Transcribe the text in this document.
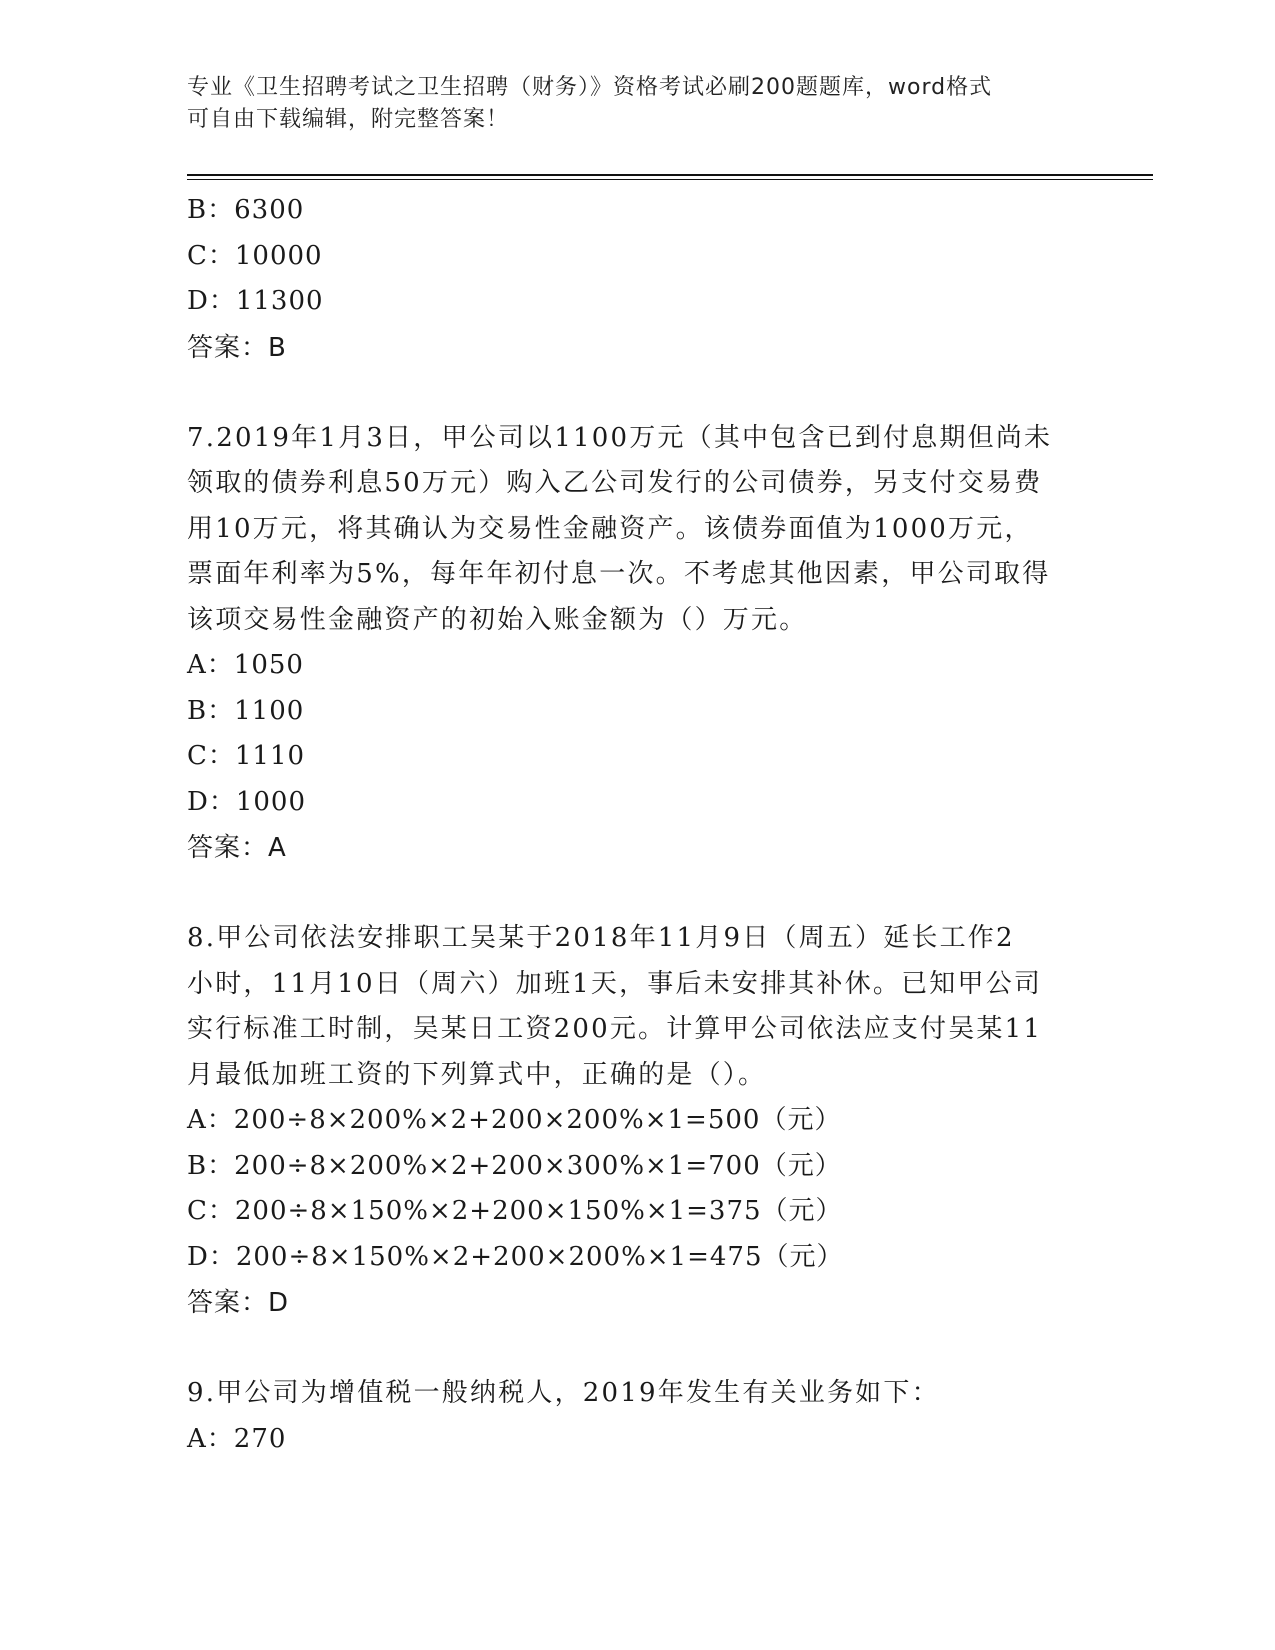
专业《卫生招聘考试之卫生招聘（财务）》资格考试必刷200题题库，word格式
可自由下载编辑，附完整答案！
B：6300
C：10000
D：11300
答案：B
7.2019年1月3日，甲公司以1100万元（其中包含已到付息期但尚未
领取的债券利息50万元）购入乙公司发行的公司债券，另支付交易费
用10万元，将其确认为交易性金融资产。该债券面值为1000万元，
票面年利率为5%，每年年初付息一次。不考虑其他因素，甲公司取得
该项交易性金融资产的初始入账金额为（）万元。
A：1050
B：1100
C：1110
D：1000
答案：A
8.甲公司依法安排职工吴某于2018年11月9日（周五）延长工作2
小时，11月10日（周六）加班1天，事后未安排其补休。已知甲公司
实行标准工时制，吴某日工资200元。计算甲公司依法应支付吴某11
月最低加班工资的下列算式中，正确的是（）。
A：200÷8×200%×2+200×200%×1=500（元）
B：200÷8×200%×2+200×300%×1=700（元）
C：200÷8×150%×2+200×150%×1=375（元）
D：200÷8×150%×2+200×200%×1=475（元）
答案：D
9.甲公司为增值税一般纳税人，2019年发生有关业务如下：
A：270
